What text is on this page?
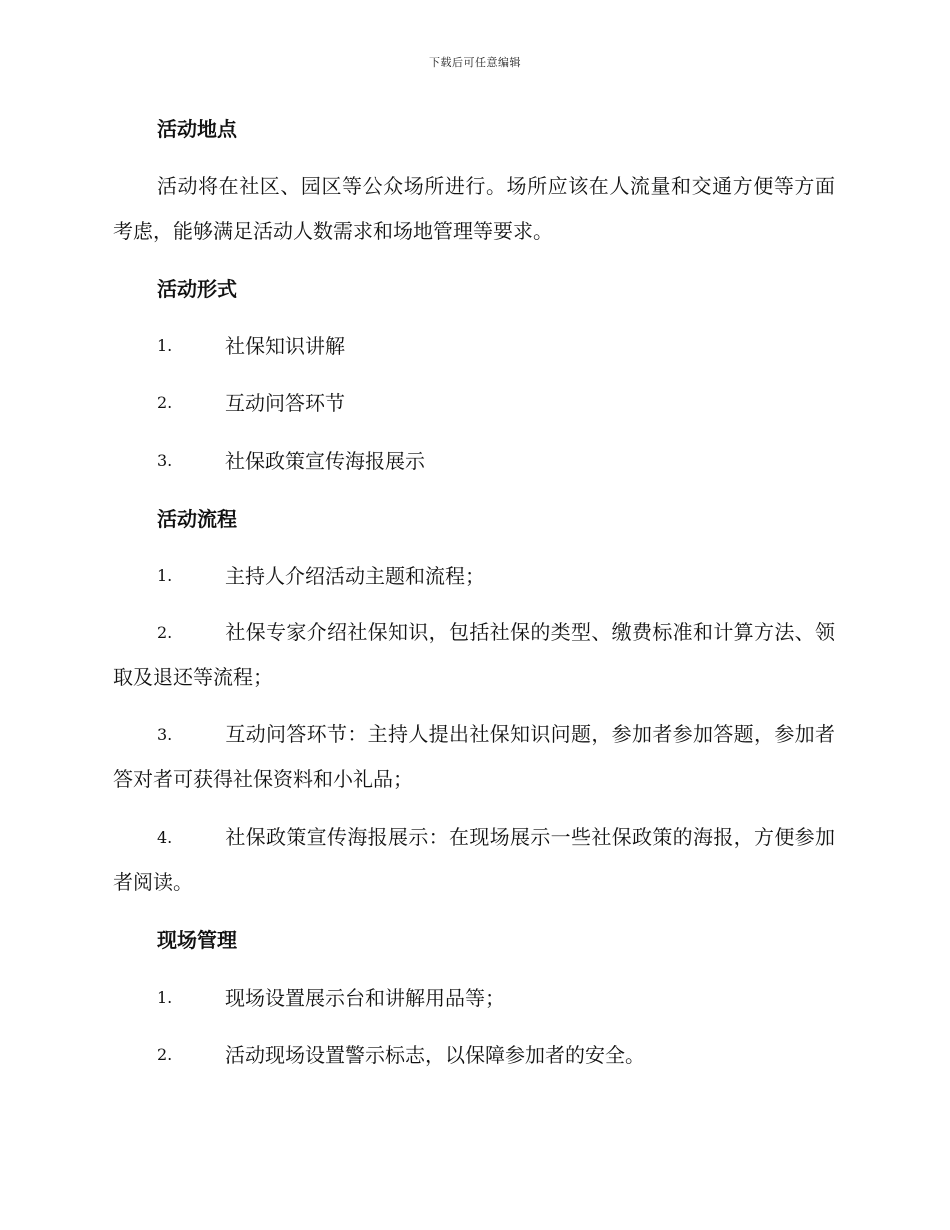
下载后可任意编辑
活动地点

活动将在社区、园区等公众场所进行。场所应该在人流量和交通方便等方面考虑，能够满足活动人数需求和场地管理等要求。

活动形式
1.	社保知识讲解
2.	互动问答环节
3.	社保政策宣传海报展示
活动流程
1.	主持人介绍活动主题和流程；
2.	社保专家介绍社保知识，包括社保的类型、缴费标准和计算方法、领取及退还等流程；
3.	互动问答环节：主持人提出社保知识问题，参加者参加答题，参加者答对者可获得社保资料和小礼品；
4.	社保政策宣传海报展示：在现场展示一些社保政策的海报，方便参加者阅读。
现场管理
1.	现场设置展示台和讲解用品等；
2.	活动现场设置警示标志，以保障参加者的安全。
